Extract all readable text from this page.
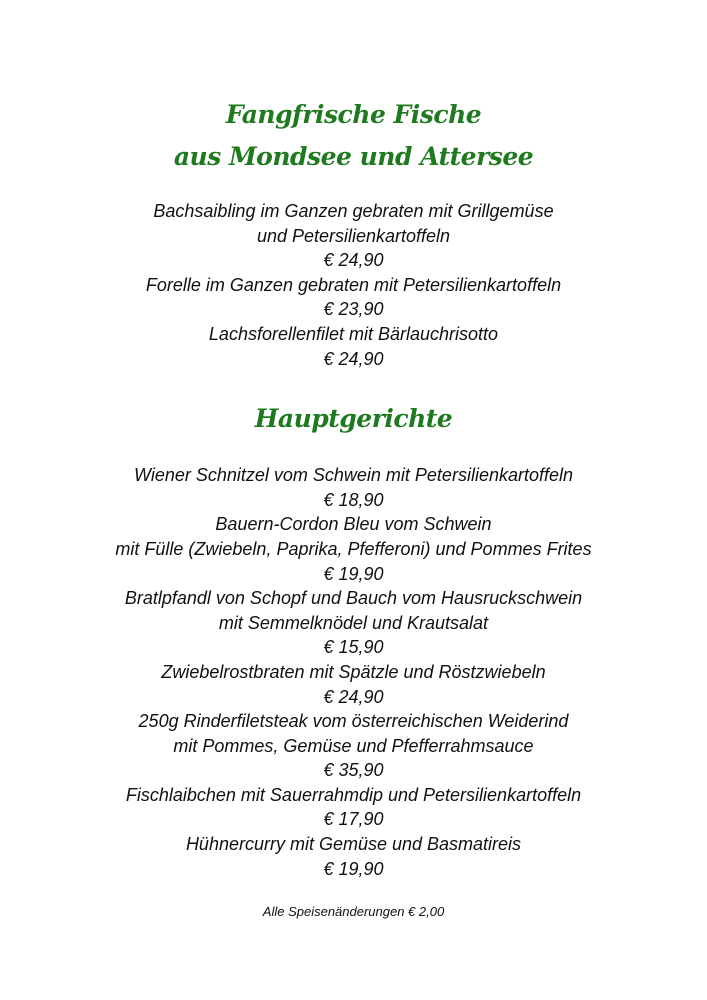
Fangfrische Fische
aus Mondsee und Attersee
Bachsaibling im Ganzen gebraten mit Grillgemüse
und Petersilienkartoffeln
€ 24,90
Forelle im Ganzen gebraten mit Petersilienkartoffeln
€ 23,90
Lachsforellenfilet mit Bärlauchrisotto
€ 24,90
Hauptgerichte
Wiener Schnitzel vom Schwein mit Petersilienkartoffeln
€ 18,90
Bauern-Cordon Bleu vom Schwein
mit Fülle (Zwiebeln, Paprika, Pfefferoni) und Pommes Frites
€ 19,90
Bratlpfandl von Schopf und Bauch vom Hausruckschwein
mit Semmelknödel und Krautsalat
€ 15,90
Zwiebelrostbraten mit Spätzle und Röstzwiebeln
€ 24,90
250g Rinderfiletsteak vom österreichischen Weiderind
mit Pommes, Gemüse und Pfefferrahmsauce
€ 35,90
Fischlaibchen mit Sauerrahmdip und Petersilienkartoffeln
€ 17,90
Hühnercurry mit Gemüse und Basmatireis
€ 19,90
Alle Speisenänderungen € 2,00
